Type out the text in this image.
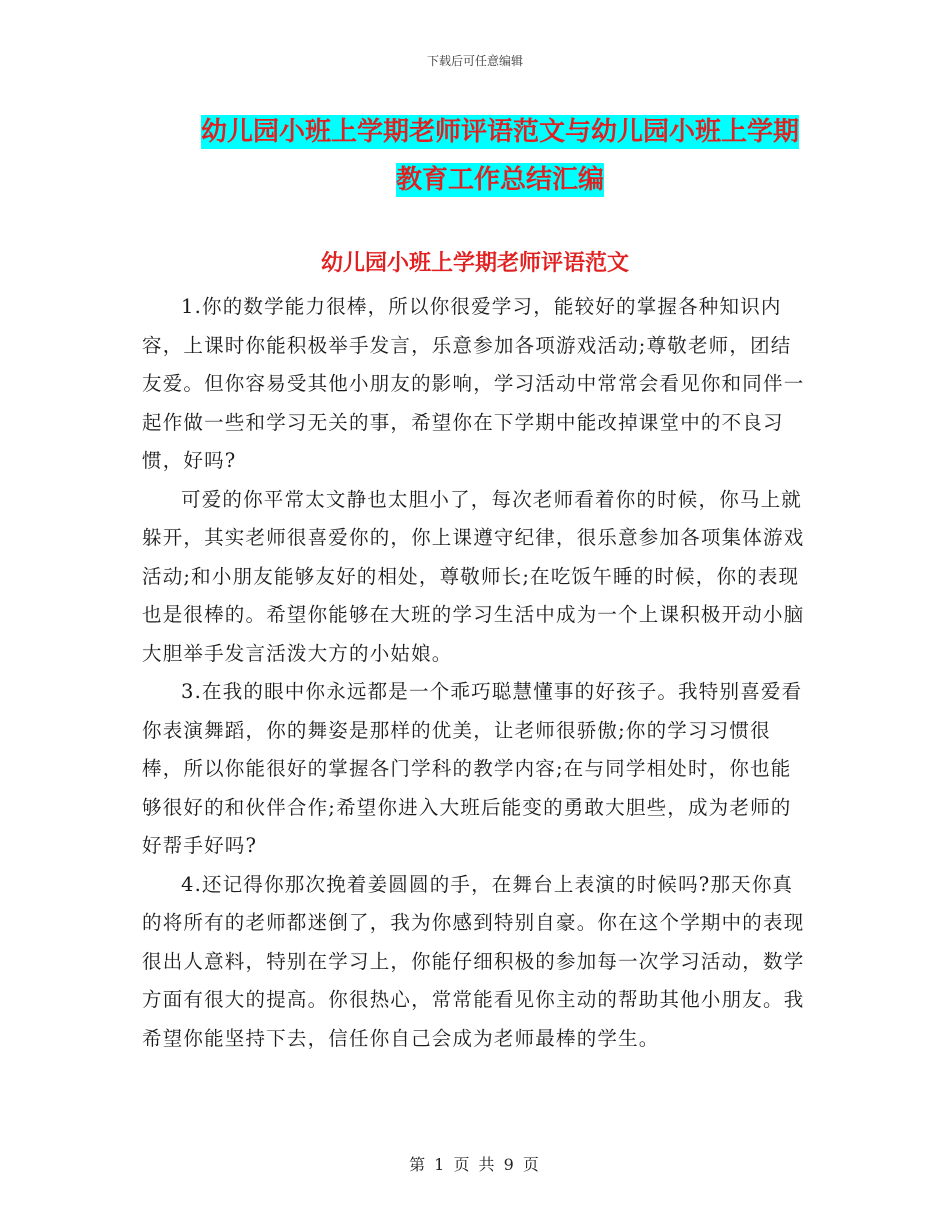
下载后可任意编辑
幼儿园小班上学期老师评语范文与幼儿园小班上学期
教育工作总结汇编
幼儿园小班上学期老师评语范文

1.你的数学能力很棒，所以你很爱学习，能较好的掌握各种知识内容，上课时你能积极举手发言，乐意参加各项游戏活动;尊敬老师，团结友爱。但你容易受其他小朋友的影响，学习活动中常常会看见你和同伴一起作做一些和学习无关的事，希望你在下学期中能改掉课堂中的不良习惯，好吗?

可爱的你平常太文静也太胆小了，每次老师看着你的时候，你马上就躲开，其实老师很喜爱你的，你上课遵守纪律，很乐意参加各项集体游戏活动;和小朋友能够友好的相处，尊敬师长;在吃饭午睡的时候，你的表现也是很棒的。希望你能够在大班的学习生活中成为一个上课积极开动小脑大胆举手发言活泼大方的小姑娘。

3.在我的眼中你永远都是一个乖巧聪慧懂事的好孩子。我特别喜爱看你表演舞蹈，你的舞姿是那样的优美，让老师很骄傲;你的学习习惯很棒，所以你能很好的掌握各门学科的教学内容;在与同学相处时，你也能够很好的和伙伴合作;希望你进入大班后能变的勇敢大胆些，成为老师的好帮手好吗?

4.还记得你那次挽着姜圆圆的手，在舞台上表演的时候吗?那天你真的将所有的老师都迷倒了，我为你感到特别自豪。你在这个学期中的表现很出人意料，特别在学习上，你能仔细积极的参加每一次学习活动，数学方面有很大的提高。你很热心，常常能看见你主动的帮助其他小朋友。我希望你能坚持下去，信任你自己会成为老师最棒的学生。

第 1 页 共 9 页
